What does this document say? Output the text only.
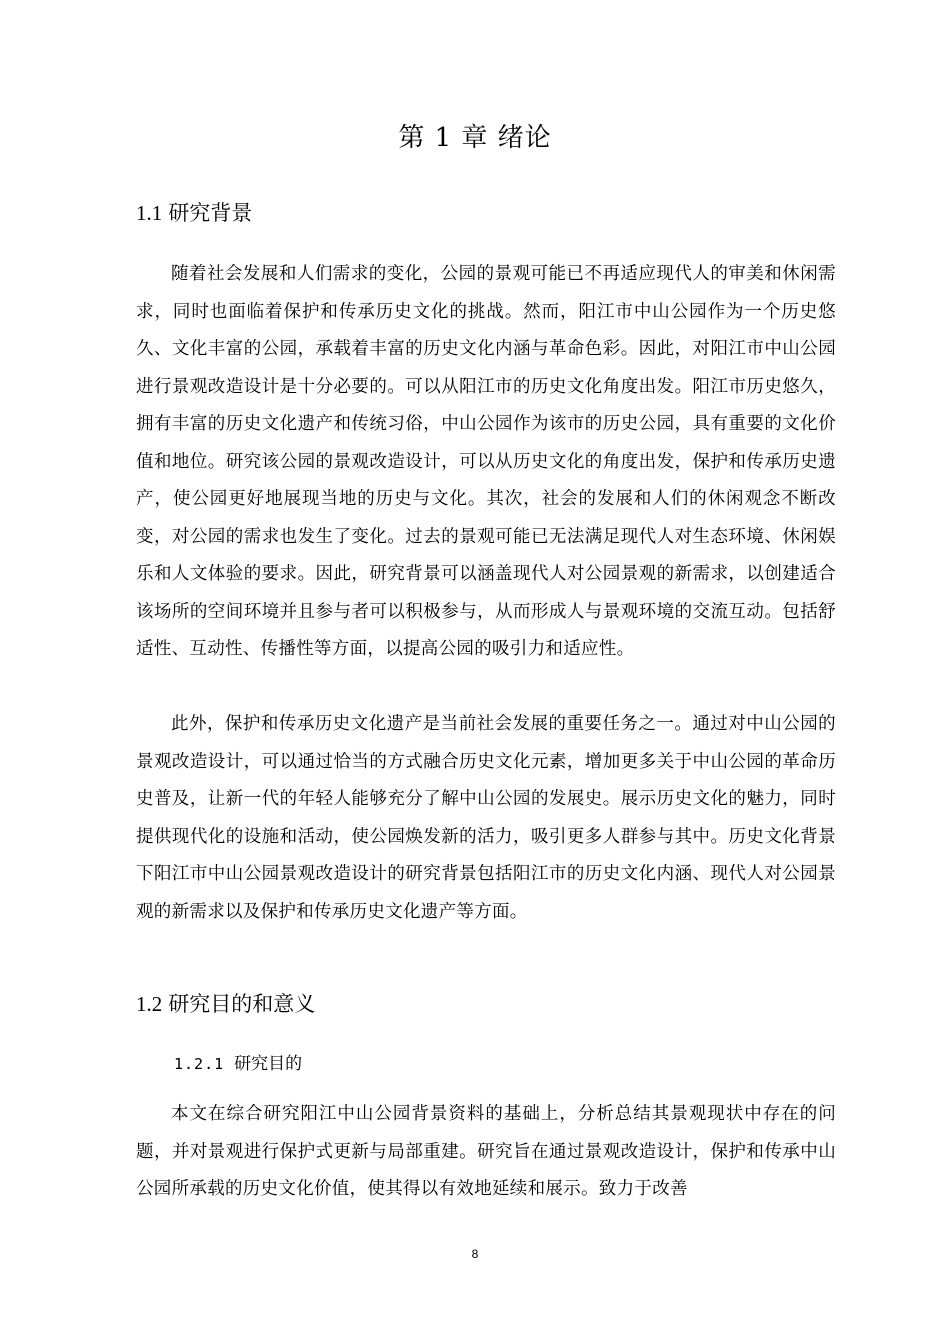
第 1 章 绪论
1.1 研究背景

随着社会发展和人们需求的变化，公园的景观可能已不再适应现代人的审美和休闲需求，同时也面临着保护和传承历史文化的挑战。然而，阳江市中山公园作为一个历史悠久、文化丰富的公园，承载着丰富的历史文化内涵与革命色彩。因此，对阳江市中山公园进行景观改造设计是十分必要的。可以从阳江市的历史文化角度出发。阳江市历史悠久，拥有丰富的历史文化遗产和传统习俗，中山公园作为该市的历史公园，具有重要的文化价值和地位。研究该公园的景观改造设计，可以从历史文化的角度出发，保护和传承历史遗产，使公园更好地展现当地的历史与文化。其次，社会的发展和人们的休闲观念不断改变，对公园的需求也发生了变化。过去的景观可能已无法满足现代人对生态环境、休闲娱乐和人文体验的要求。因此，研究背景可以涵盖现代人对公园景观的新需求，以创建适合该场所的空间环境并且参与者可以积极参与，从而形成人与景观环境的交流互动。包括舒适性、互动性、传播性等方面，以提高公园的吸引力和适应性。

此外，保护和传承历史文化遗产是当前社会发展的重要任务之一。通过对中山公园的景观改造设计，可以通过恰当的方式融合历史文化元素，增加更多关于中山公园的革命历史普及，让新一代的年轻人能够充分了解中山公园的发展史。展示历史文化的魅力，同时提供现代化的设施和活动，使公园焕发新的活力，吸引更多人群参与其中。历史文化背景下阳江市中山公园景观改造设计的研究背景包括阳江市的历史文化内涵、现代人对公园景观的新需求以及保护和传承历史文化遗产等方面。

1.2 研究目的和意义
1.2.1 研究目的

本文在综合研究阳江中山公园背景资料的基础上，分析总结其景观现状中存在的问题，并对景观进行保护式更新与局部重建。研究旨在通过景观改造设计，保护和传承中山公园所承载的历史文化价值，使其得以有效地延续和展示。致力于改善

8
